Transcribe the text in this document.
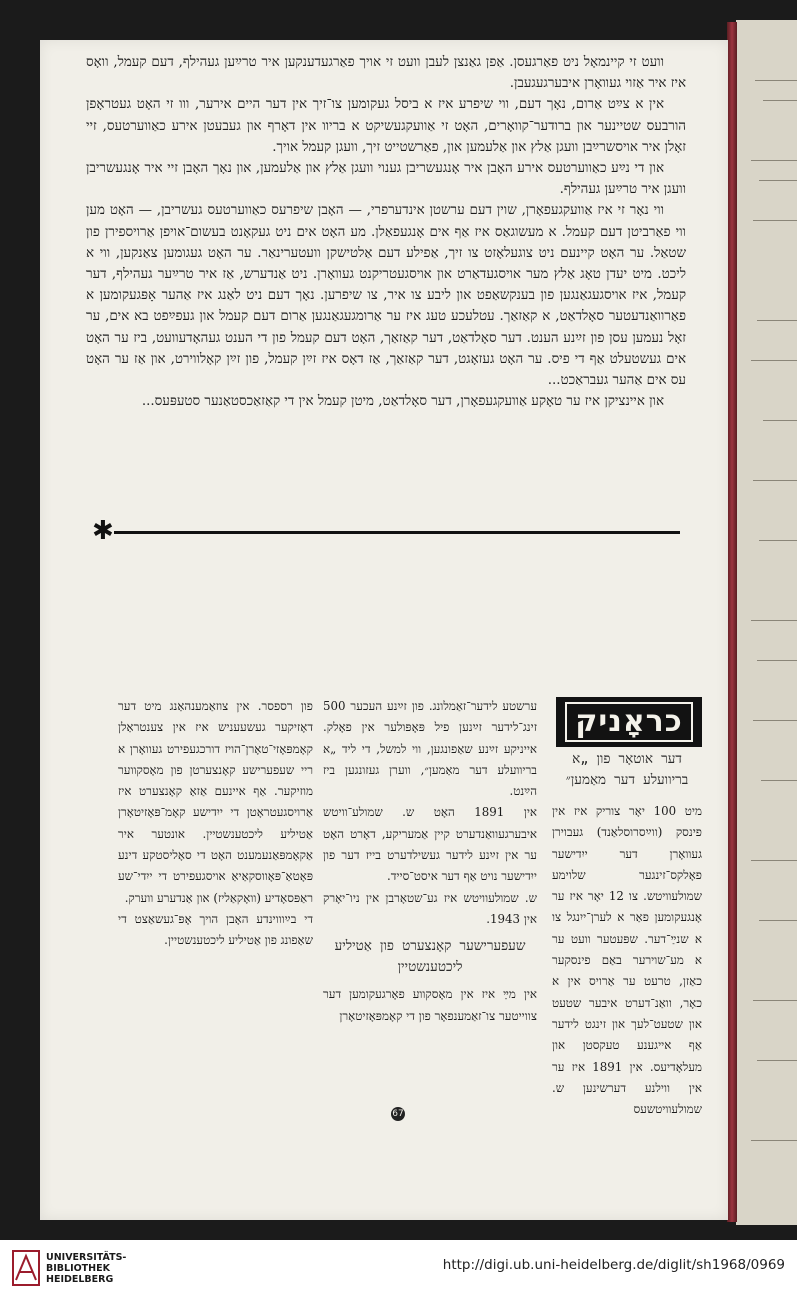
וועט זי קיינמאָל ניט פאַרגעסן. אַפן גאַנצן לעבן וועט זי אויך פאַרגעדענקען איר טרײַען געהילף, דעם קעמל, וואָס איז איר אַזוי געוואָרן איבערגעגעבן.

אין א צײַט אַרום, נאָך דעם, ווי שיפרע איז א ביסל געקומען צו־זיך אין דער היים אירער, ווו זי האָט געטראָפן הורבעס שטיינער און ברודער־קוואָרים, האָט זי אַוועקגעשיקט א בריוו אין דאָרף און געבעטן אירע כאַווערטעס, זיי זאָלן איר אויסשרײַבן וועגן אַלץ און אַלעמען און, פאַרשטייט זיך, וועגן קעמל אויך.

און די נײַע כאַווערטעס אירע האָבן איר אָנגעשריבן גענוי וועגן אַלץ און אַלעמען, און נאָך האָבן זיי איר אָנגעשריבן וועגן איר טרײַען געהילף.

ווי נאָר זי איז אַוועקגעפאָרן, שוין דעם ערשטן אינדערפרי, — האָבן שיפרעס כאַווערטעס געשריבן, — האָט מען ווי פאַרביטן דעם קעמל. א מעשוגאַס איז אַף אים אָנגעפאַלן. מע האָט אים ניט געקאָנט בעשום־אויפן אַרויספירן פון שטאַל. ער האָט קיינעם ניט צוגעלאָזט צו זיך, אַפילע דעם אַלטישקן וועטערינאַר. ער האָט געגומען צאַנקען, ווי א ליכט. מיט יעדן טאָג אַלץ מער אויסגעדאַרט און אויסגעטריקנט געוואָרן. ניט אַנדערש, אַז איר טרײַער געהילף, דער קעמל, איז אויסגעגאַנגען פון בענקשאַפט און ליבע צו איר, צו שיפרען. נאָך דעם ניט לאַנג איז אַהער אָפּגעקומען א פאַרוואַנדעטער סאָלדאַט, א קאַזאַך. עטלעכע טעג איז ער אַרומגעגאַנגען אַרום דעם קעמל און געפײַפט בא אים, ער זאָל נעמען עסן פון זײַנע הענט. דער סאָלדאַט, דער קאַזאַך, האָט דעם קעמל פון די הענט געהאָדעוועט, ביז ער האָט אים געשטעלט אַף די פיס. ער האָט געזאָגט, דער קאַזאַך, אַז דאָס איז זײַן קעמל, פון זײַן קאָלווירט, און אַז ער האָט עס אים אַהער געבראַכט...

און איינציקן איז ער טאָקע אַוועקגעפאָרן, דער סאָלדאַט, מיטן קעמל אין די קאַזאַכסטאַנער סטעפּעס...

✱
כראָניק
דער אוטאָר פון „א בריוועלע דער מאַמען״

מיט 100 יאָר צוריק איז אין פינסק (ווײַסרוסלאַנד) געבוירן געוואָרן דער ייִדישער פאָלקס־זינגער שלוימע שמולעוויטש. צו 12 יאָר איז ער אָנגעקומען פאַר א לערן־ייִנגל צו א שנײַ־דער. שפּעטער וועט ער א מע־שוירער באַם פינסקער כאַזן, טרעט ער אַרויס אין א כאָר, וואַנ־דערט איבער שטעט און שטעט־לעך און זינגט לידער אַף אייגענע טעקסטן און מעלאָדיעס. אין 1891 איז ער אין ווילנע דערשינען ש. שמולעוויטשעס

ערשטע לידער־זאַמלונג. פון זײַנע העכער 500 זינג־לידער זײַנען פיל פּאָפּולער אין פאָלק. אייניקע זײַנע שאַפונגען, ווי למשל, די ליד „א בריוועלע דער מאַמען״, ווערן געזונגען ביז הײַנט.

אין 1891 האָט ש. שמולע־וויטש איבערגעוואַנדערט קיין אַמעריקע, דאָרט האָט ער אין זײַנע לידער געשילדערט בייז דער פון ייִדישער נויט אַף דער איסט־סייד.

ש. שמולעוויטש איז גע־שטאָרבן אין ניו־יאָרק אין 1943.

שעפערישער קאָנצערט פון אַטיליע ליכטענשטיין

אין מײַ איז אין מאָסקווע פאָרגעקומען דער צווייטער צו־זאַמענפאָר פון די קאָמפּאָזיטאָרן

פון רספסר. אין צוזאַמענהאַנג מיט דער דאָזיקער געשעעניש איז אין צענטראַלן קאָמפּאָזי־טאָרן־הויז דורכגעפירט געוואָרן א ריי שעפערישע קאָנצערטן פון מאָסקווער מוזיקער. אַף איינעם אַזאַ קאָנצערט איז אַרויסגעטראָטן די ייִדישע קאָמ־פּאָזיטאָרן אַטיליע ליכטענשטיין. אונטער איר אַקאָמפּאַנעמענט האָט די סאָליסטקע דינע פּאָטאַ־פּאָווסקאַיאַ אויסגעפירט די ייִדי־שע ראַפּסאָדיע (וואָקאַליז) און אַנדערע ווערק.

די בײַוווינדע האָבן הויך אָפּ־געשאַצט די שאַפונג פון אַטיליע ליכטענשטיין.

67
UNIVERSITÄTS-
BIBLIOTHEK
HEIDELBERG
http://digi.ub.uni-heidelberg.de/diglit/sh1968/0969
